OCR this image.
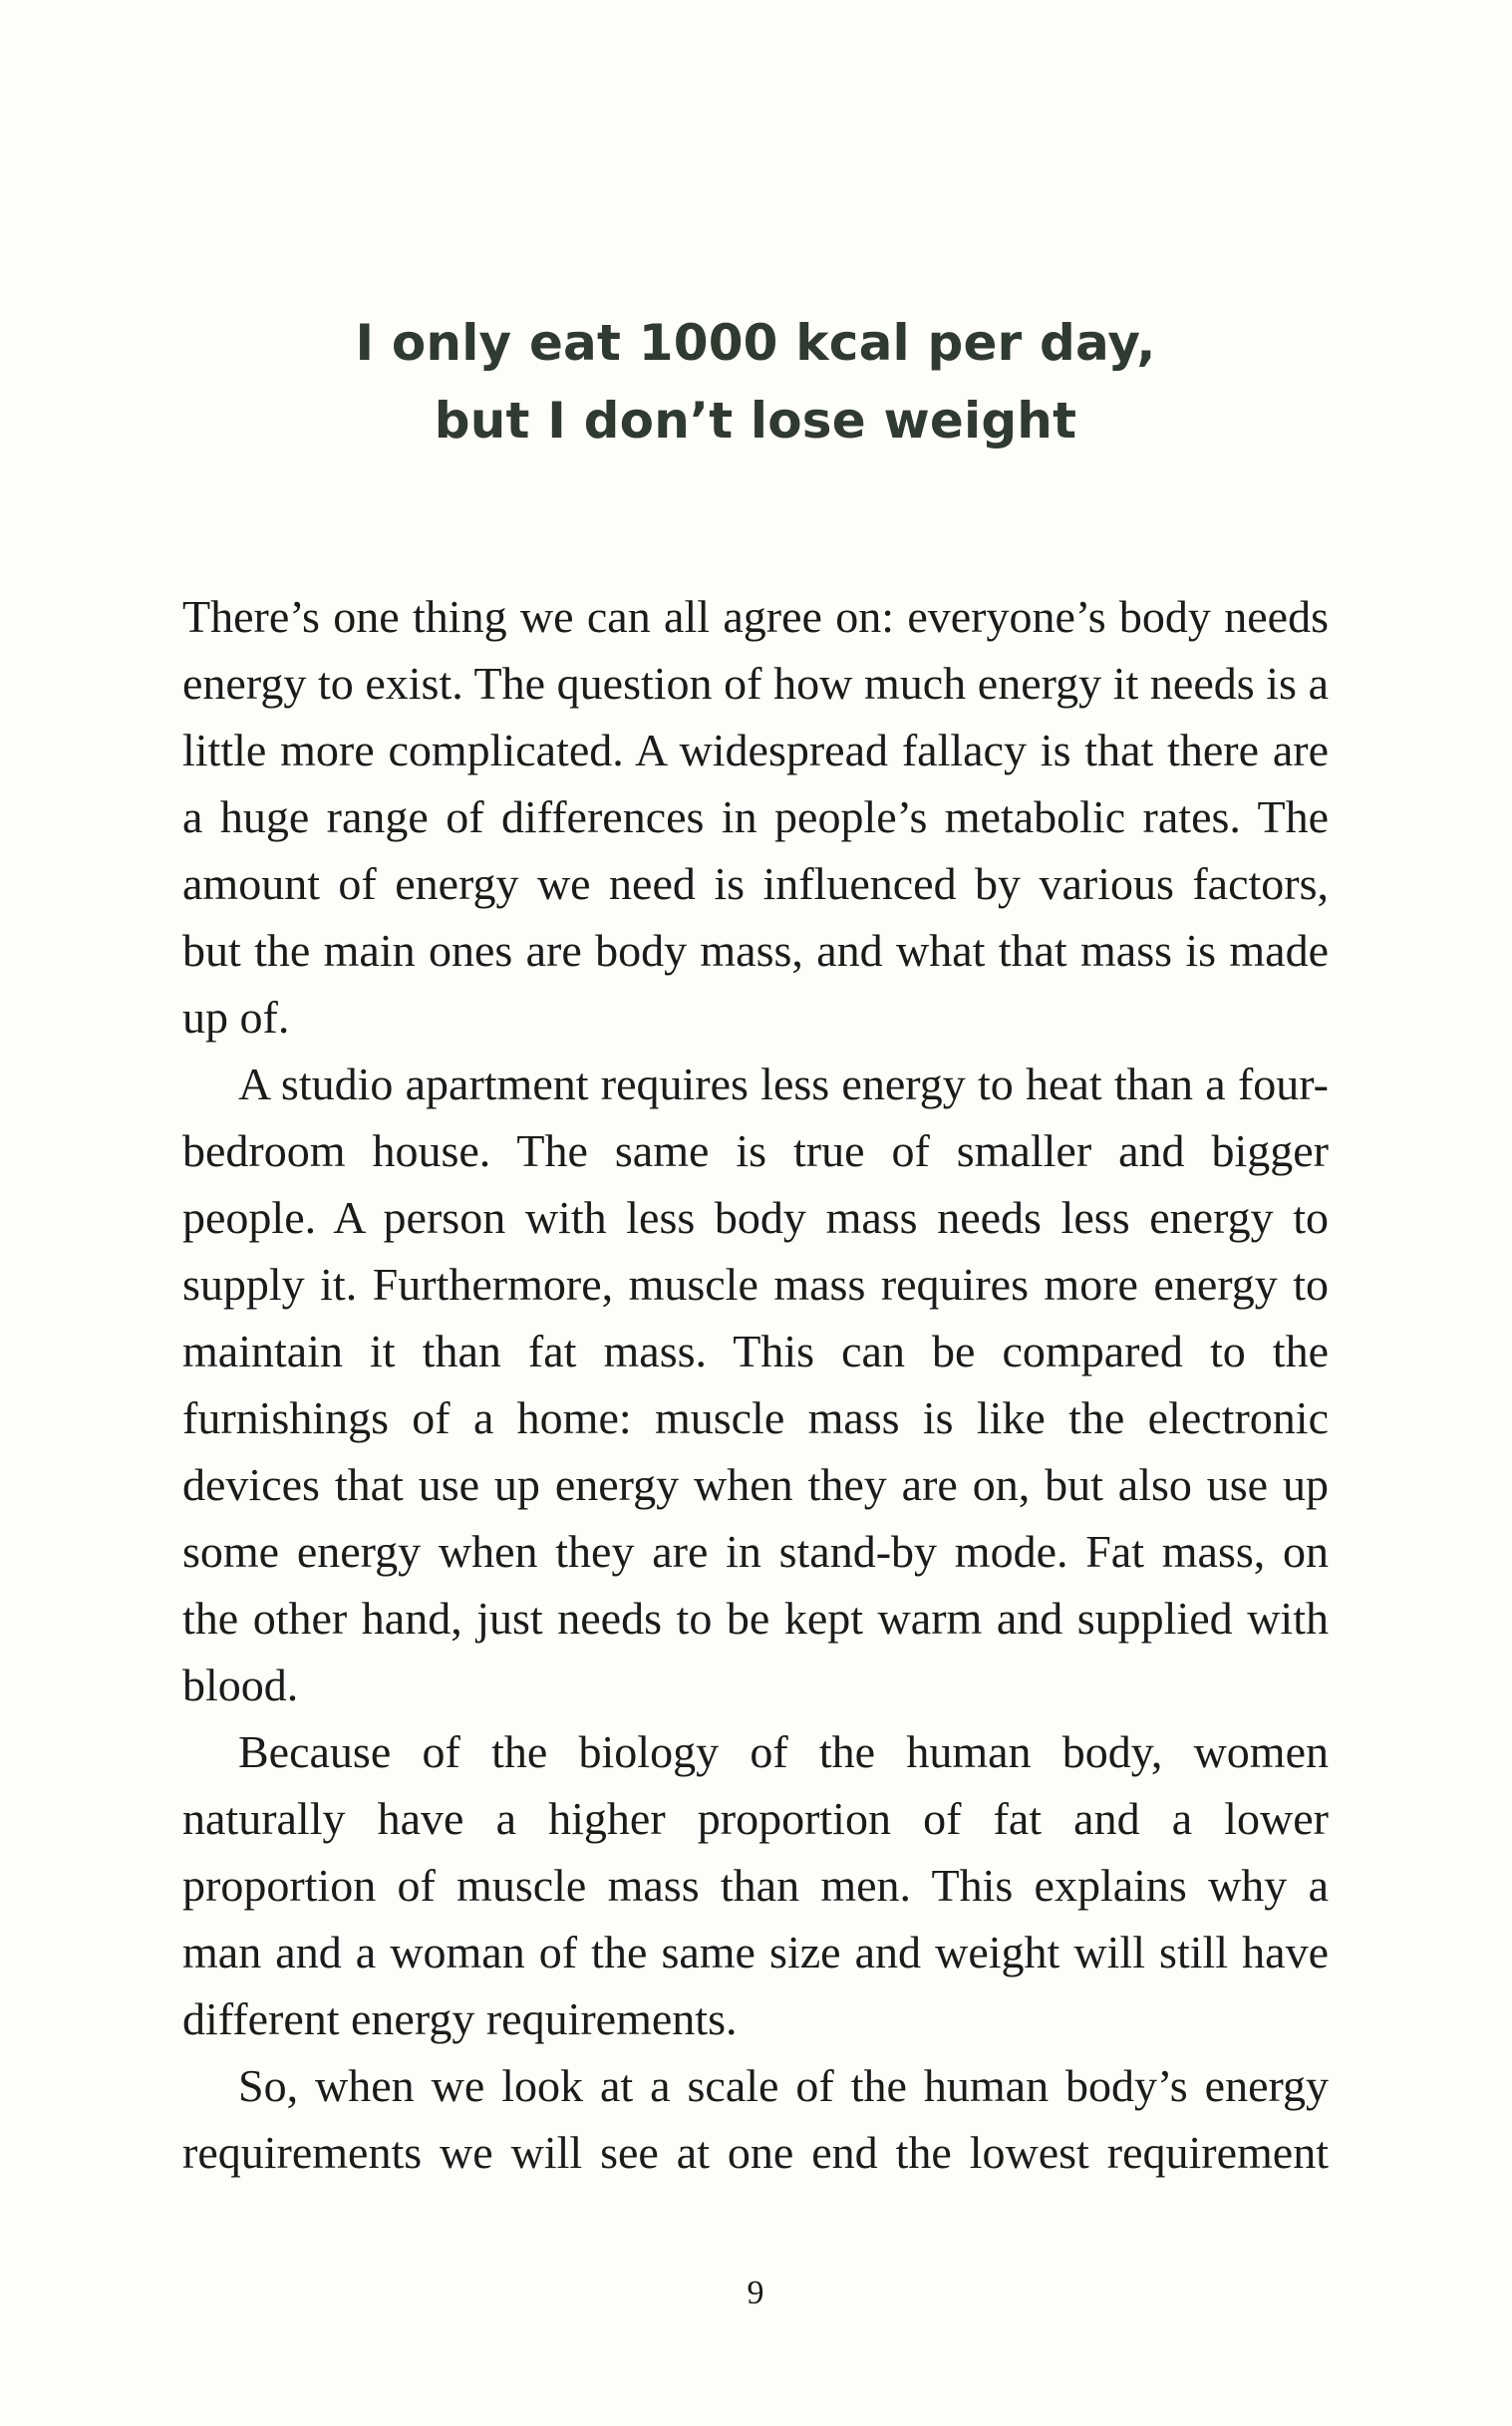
I only eat 1000 kcal per day,
but I don’t lose weight

There’s one thing we can all agree on: everyone’s body needs energy to exist. The question of how much energy it needs is a little more complicated. A widespread fallacy is that there are a huge range of differences in people’s metabolic rates. The amount of energy we need is influenced by various factors, but the main ones are body mass, and what that mass is made up of.

A studio apartment requires less energy to heat than a four-bedroom house. The same is true of smaller and bigger people. A person with less body mass needs less energy to supply it. Furthermore, muscle mass requires more energy to maintain it than fat mass. This can be compared to the furnishings of a home: muscle mass is like the electronic devices that use up energy when they are on, but also use up some energy when they are in stand-by mode. Fat mass, on the other hand, just needs to be kept warm and supplied with blood.

Because of the biology of the human body, women naturally have a higher proportion of fat and a lower proportion of muscle mass than men. This explains why a man and a woman of the same size and weight will still have different energy requirements.

So, when we look at a scale of the human body’s energy requirements we will see at one end the lowest requirement

9
